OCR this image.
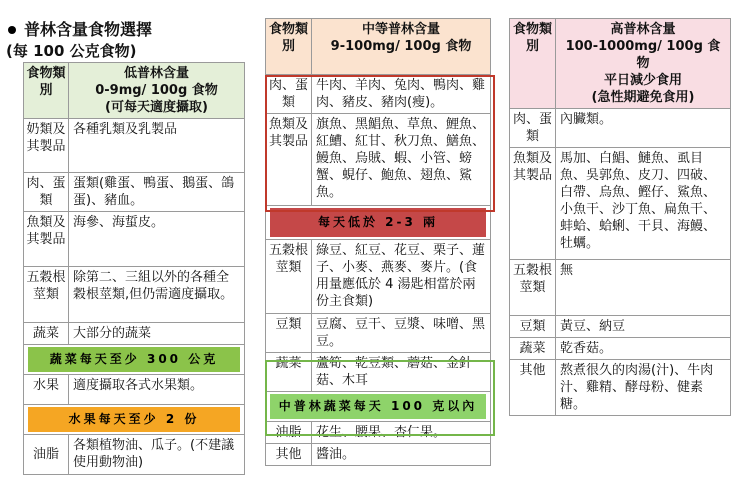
普林含量食物選擇
(每 100 公克食物)
食物類別	低普林含量
0-9mg/ 100g 食物
(可每天適度攝取)

奶類及其製品	各種乳類及乳製品
肉、蛋類	蛋類(雞蛋、鴨蛋、鵝蛋、鴿蛋)、豬血。
魚類及其製品	海參、海蜇皮。
五穀根莖類	除第二、三組以外的各種全穀根莖類,但仍需適度攝取。
蔬菜	大部分的蔬菜

蔬菜每天至少 300 公克	

水果	適度攝取各式水果類。

水果每天至少 2 份	

油脂	各類植物油、瓜子。(不建議使用動物油)
食物類別	中等普林含量
9-100mg/ 100g 食物

肉、蛋類	牛肉、羊肉、兔肉、鴨肉、雞肉、豬皮、豬肉(瘦)。
魚類及其製品	旗魚、黑鯧魚、草魚、鯉魚、紅鰽、紅甘、秋刀魚、鱔魚、鰻魚、烏賊、蝦、小管、螃蟹、蜆仔、鮑魚、翅魚、鯊魚。

每天低於 2-3 兩	

五穀根莖類	綠豆、紅豆、花豆、栗子、蓮子、小麥、燕麥、麥片。(食用量應低於 4 湯匙相當於兩份主食類)
豆類	豆腐、豆干、豆漿、味噌、黑豆。
蔬菜	蘆筍、乾豆類、蘑菇、金針菇、木耳

中普林蔬菜每天 100 克以內	

油脂	花生、腰果、杏仁果。
其他	醬油。
食物類別	高普林含量
100-1000mg/ 100g 食物
平日減少食用
(急性期避免食用)

肉、蛋類	內臟類。
魚類及其製品	馬加、白鯧、鰱魚、虱目魚、吳郭魚、皮刀、四破、白帶、烏魚、鰹仔、鯊魚、小魚干、沙丁魚、扁魚干、蚌蛤、蛤蜊、干貝、海鰻、牡蠣。
五穀根莖類	無
豆類	黃豆、納豆
蔬菜	乾香菇。
其他	熬煮很久的肉湯(汁)、牛肉汁、雞精、酵母粉、健素糖。
